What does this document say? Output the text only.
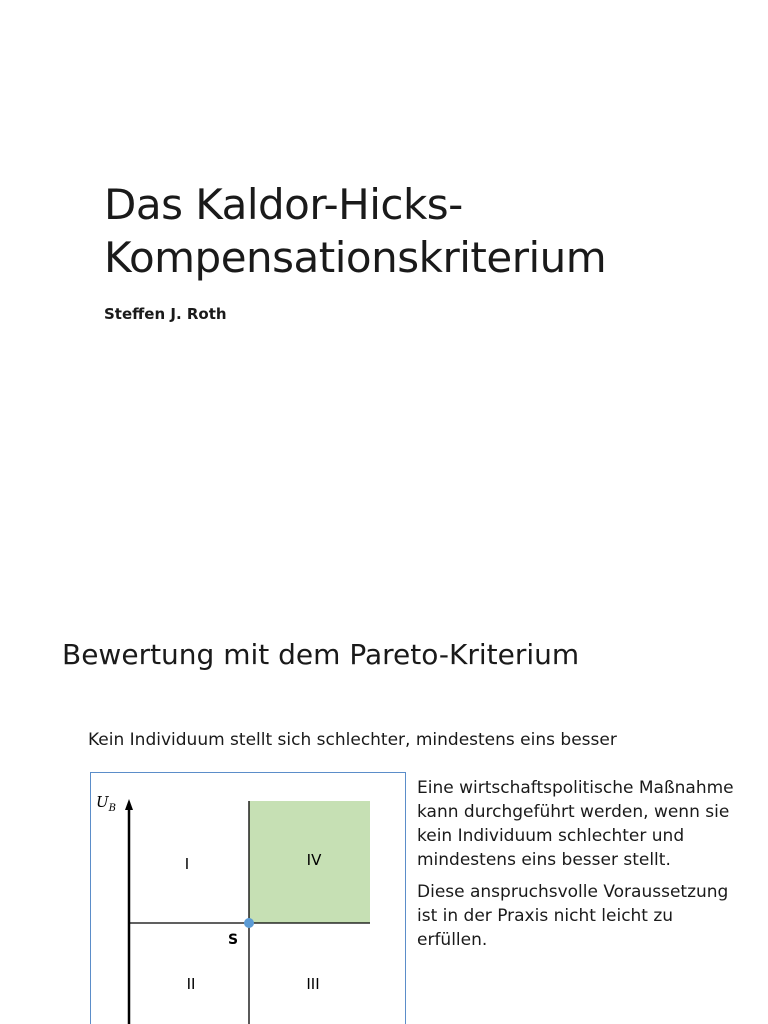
Das Kaldor-Hicks-
Kompensationskriterium
Steffen J. Roth
Bewertung mit dem Pareto-Kriterium
Kein Individuum stellt sich schlechter, mindestens eins besser
$U_B$
I	IV
II	III
S

Eine wirtschaftspolitische Maßnahme kann durchgeführt werden, wenn sie kein Individuum schlechter und mindestens eins besser stellt.

Diese anspruchsvolle Voraussetzung ist in der Praxis nicht leicht zu erfüllen.
